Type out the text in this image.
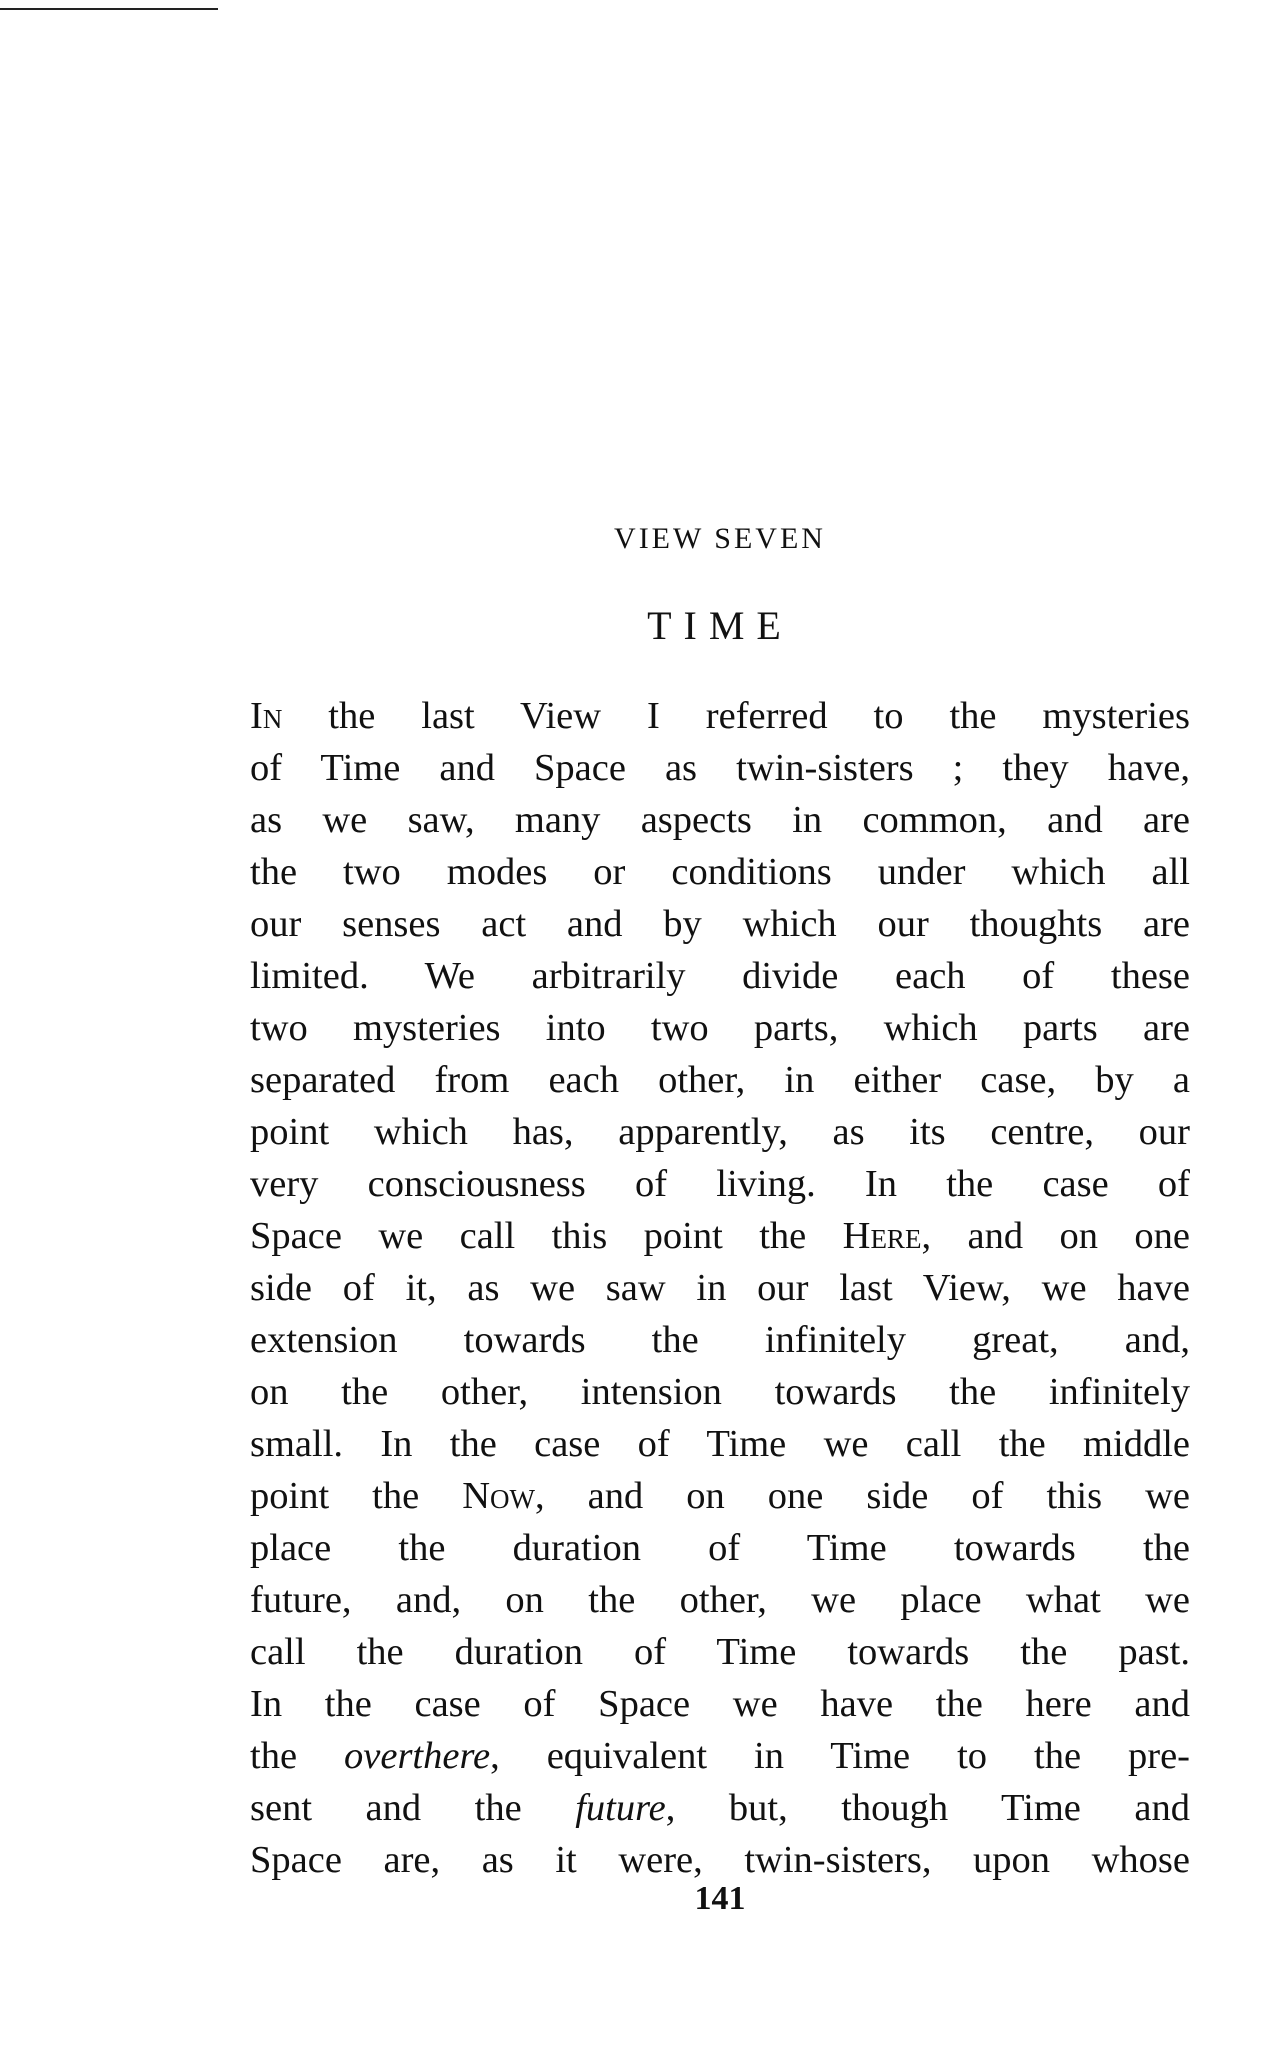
VIEW SEVEN
TIME
In the last View I referred to the mysteries
of Time and Space as twin-sisters ; they have,
as we saw, many aspects in common, and are
the two modes or conditions under which all
our senses act and by which our thoughts are
limited. We arbitrarily divide each of these
two mysteries into two parts, which parts are
separated from each other, in either case, by a
point which has, apparently, as its centre, our
very consciousness of living. In the case of
Space we call this point the Here, and on one
side of it, as we saw in our last View, we have
extension towards the infinitely great, and,
on the other, intension towards the infinitely
small. In the case of Time we call the middle
point the Now, and on one side of this we
place the duration of Time towards the
future, and, on the other, we place what we
call the duration of Time towards the past.
In the case of Space we have the here and
the overthere, equivalent in Time to the pre-
sent and the future, but, though Time and
Space are, as it were, twin-sisters, upon whose
141
